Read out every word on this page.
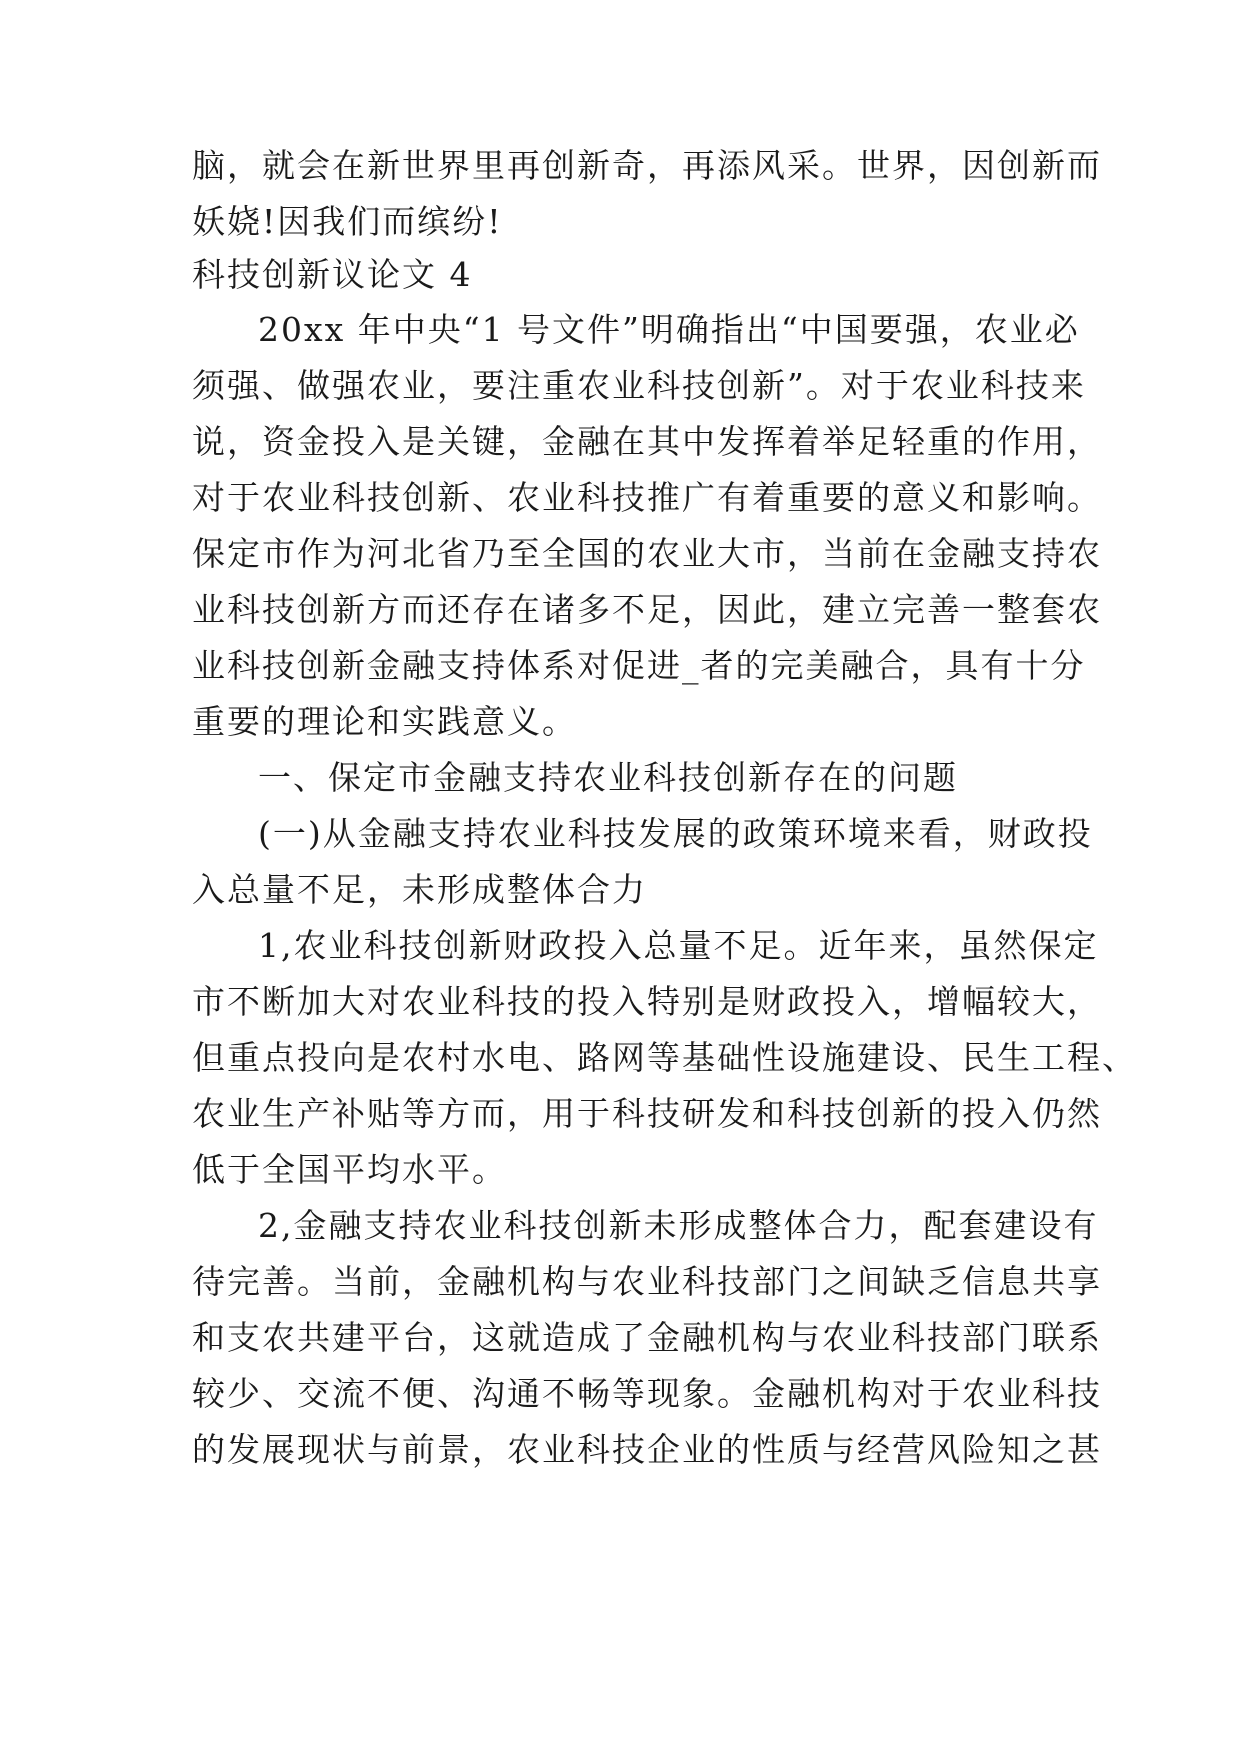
脑，就会在新世界里再创新奇，再添风采。世界，因创新而
妖娆!因我们而缤纷!
科技创新议论文 4
20xx 年中央“1 号文件”明确指出“中国要强，农业必
须强、做强农业，要注重农业科技创新”。对于农业科技来
说，资金投入是关键，金融在其中发挥着举足轻重的作用，
对于农业科技创新、农业科技推广有着重要的意义和影响。
保定市作为河北省乃至全国的农业大市，当前在金融支持农
业科技创新方而还存在诸多不足，因此，建立完善一整套农
业科技创新金融支持体系对促进_者的完美融合，具有十分
重要的理论和实践意义。
一、保定市金融支持农业科技创新存在的问题
(一)从金融支持农业科技发展的政策环境来看，财政投
入总量不足，未形成整体合力
1,农业科技创新财政投入总量不足。近年来，虽然保定
市不断加大对农业科技的投入特别是财政投入，增幅较大，
但重点投向是农村水电、路网等基础性设施建设、民生工程、
农业生产补贴等方而，用于科技研发和科技创新的投入仍然
低于全国平均水平。
2,金融支持农业科技创新未形成整体合力，配套建设有
待完善。当前，金融机构与农业科技部门之间缺乏信息共享
和支农共建平台，这就造成了金融机构与农业科技部门联系
较少、交流不便、沟通不畅等现象。金融机构对于农业科技
的发展现状与前景，农业科技企业的性质与经营风险知之甚
